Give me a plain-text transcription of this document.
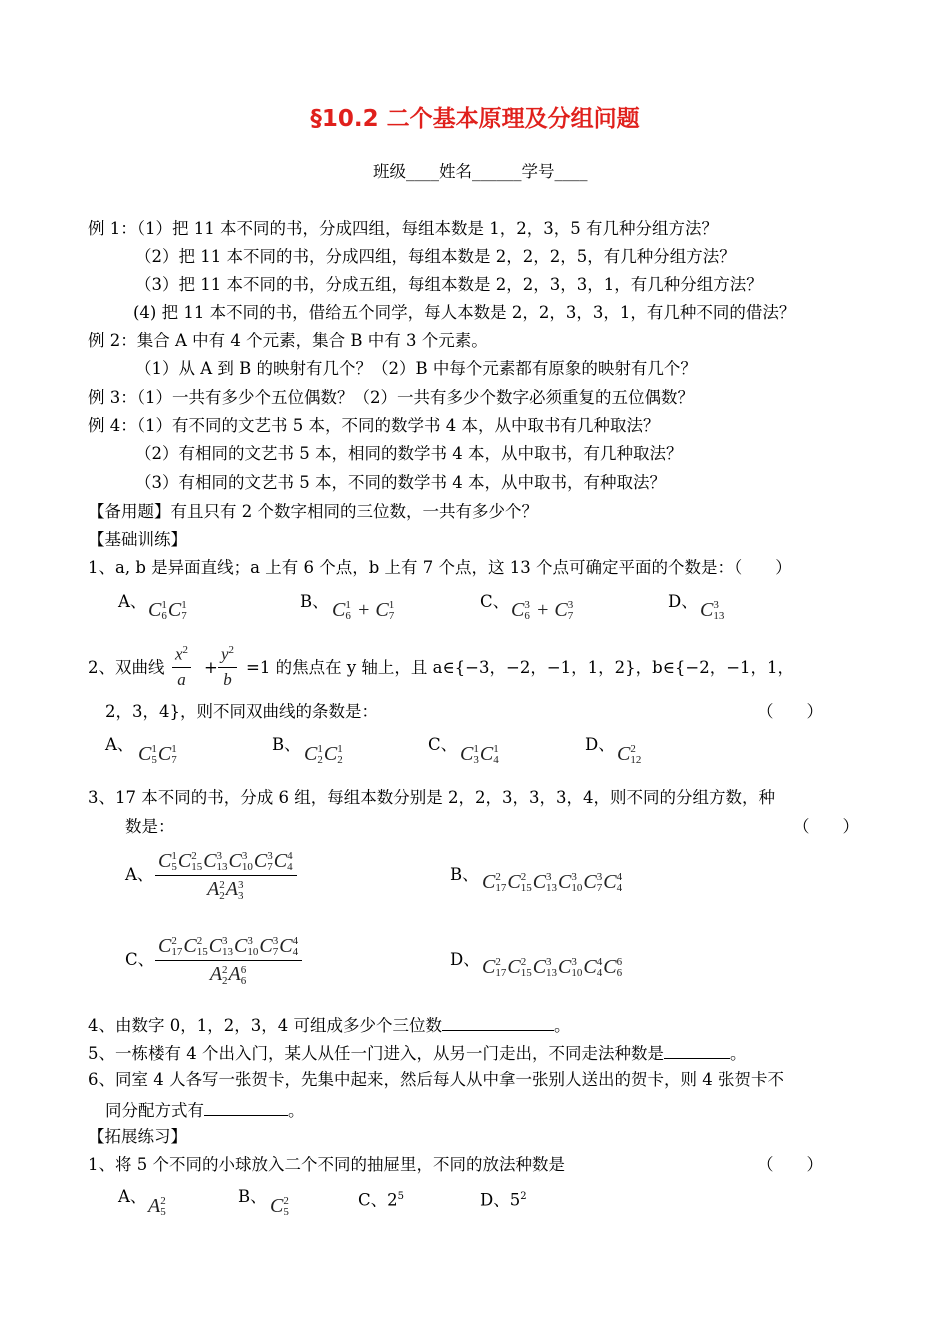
§10.2 二个基本原理及分组问题
班级____姓名______学号____
例 1：（1）把 11 本不同的书，分成四组，每组本数是 1，2，3，5 有几种分组方法？
（2）把 11 本不同的书，分成四组，每组本数是 2，2，2，5，有几种分组方法？
（3）把 11 本不同的书，分成五组，每组本数是 2，2，3，3，1，有几种分组方法？
(4) 把 11 本不同的书，借给五个同学，每人本数是 2，2，3，3，1，有几种不同的借法？
例 2：集合 A 中有 4 个元素，集合 B 中有 3 个元素。
（1）从 A 到 B 的映射有几个？（2）B 中每个元素都有原象的映射有几个？
例 3：（1）一共有多少个五位偶数？（2）一共有多少个数字必须重复的五位偶数？
例 4：（1）有不同的文艺书 5 本，不同的数学书 4 本，从中取书有几种取法？
（2）有相同的文艺书 5 本，相同的数学书 4 本，从中取书，有几种取法？
（3）有相同的文艺书 5 本，不同的数学书 4 本，从中取书，有种取法？
【备用题】有且只有 2 个数字相同的三位数，一共有多少个？
【基础训练】
1、a, b 是异面直线；a 上有 6 个点，b 上有 7 个点，这 13 个点可确定平面的个数是：（　　）
A、 C 1
6 C 1
7
B、 C 1
6 + C 1
7
C、 C 3
6 + C 3
7
D、 C 3
13
2、双曲线 $\frac{x^2}{a} + \frac{y^2}{b} =1$ 的焦点在 y 轴上，且 a∈{−3，−2，−1，1，2}，b∈{−2，−1，1，
2，3，4}，则不同双曲线的条数是：	（　　）
A、 C 1
5 C 1
7
B、 C 1
2 C 1
2
C、 C 1
3 C 1
4
D、 C 2
12
3、17 本不同的书，分成 6 组，每组本数分别是 2，2，3，3，3，4，则不同的分组方数，种
数是：	（　　）
A、 C 1
5 C 2
15 C 3
13 C 3
10 C 3
7 C 4
4
A 2
2 A 3
3	B、 C 2
17 C 2
15 C 3
13 C 3
10 C 3
7 C 4
4
C、 C 2
17 C 2
15 C 3
13 C 3
10 C 3
7 C 4
4
A 2
2 A 6
6	D、 C 2
17 C 2
15 C 3
13 C 3
10 C 4
4 C 6
6
4、由数字 0，1，2，3，4 可组成多少个三位数	。
5、一栋楼有 4 个出入门，某人从任一门进入，从另一门走出，不同走法种数是	。
6、同室 4 人各写一张贺卡，先集中起来，然后每人从中拿一张别人送出的贺卡，则 4 张贺卡不
同分配方式有	。
【拓展练习】
1、将 5 个不同的小球放入二个不同的抽屉里，不同的放法种数是	（　　）
A、 A 2
5
B、 C 2
5
C、$2^5$	D、$5^2$
